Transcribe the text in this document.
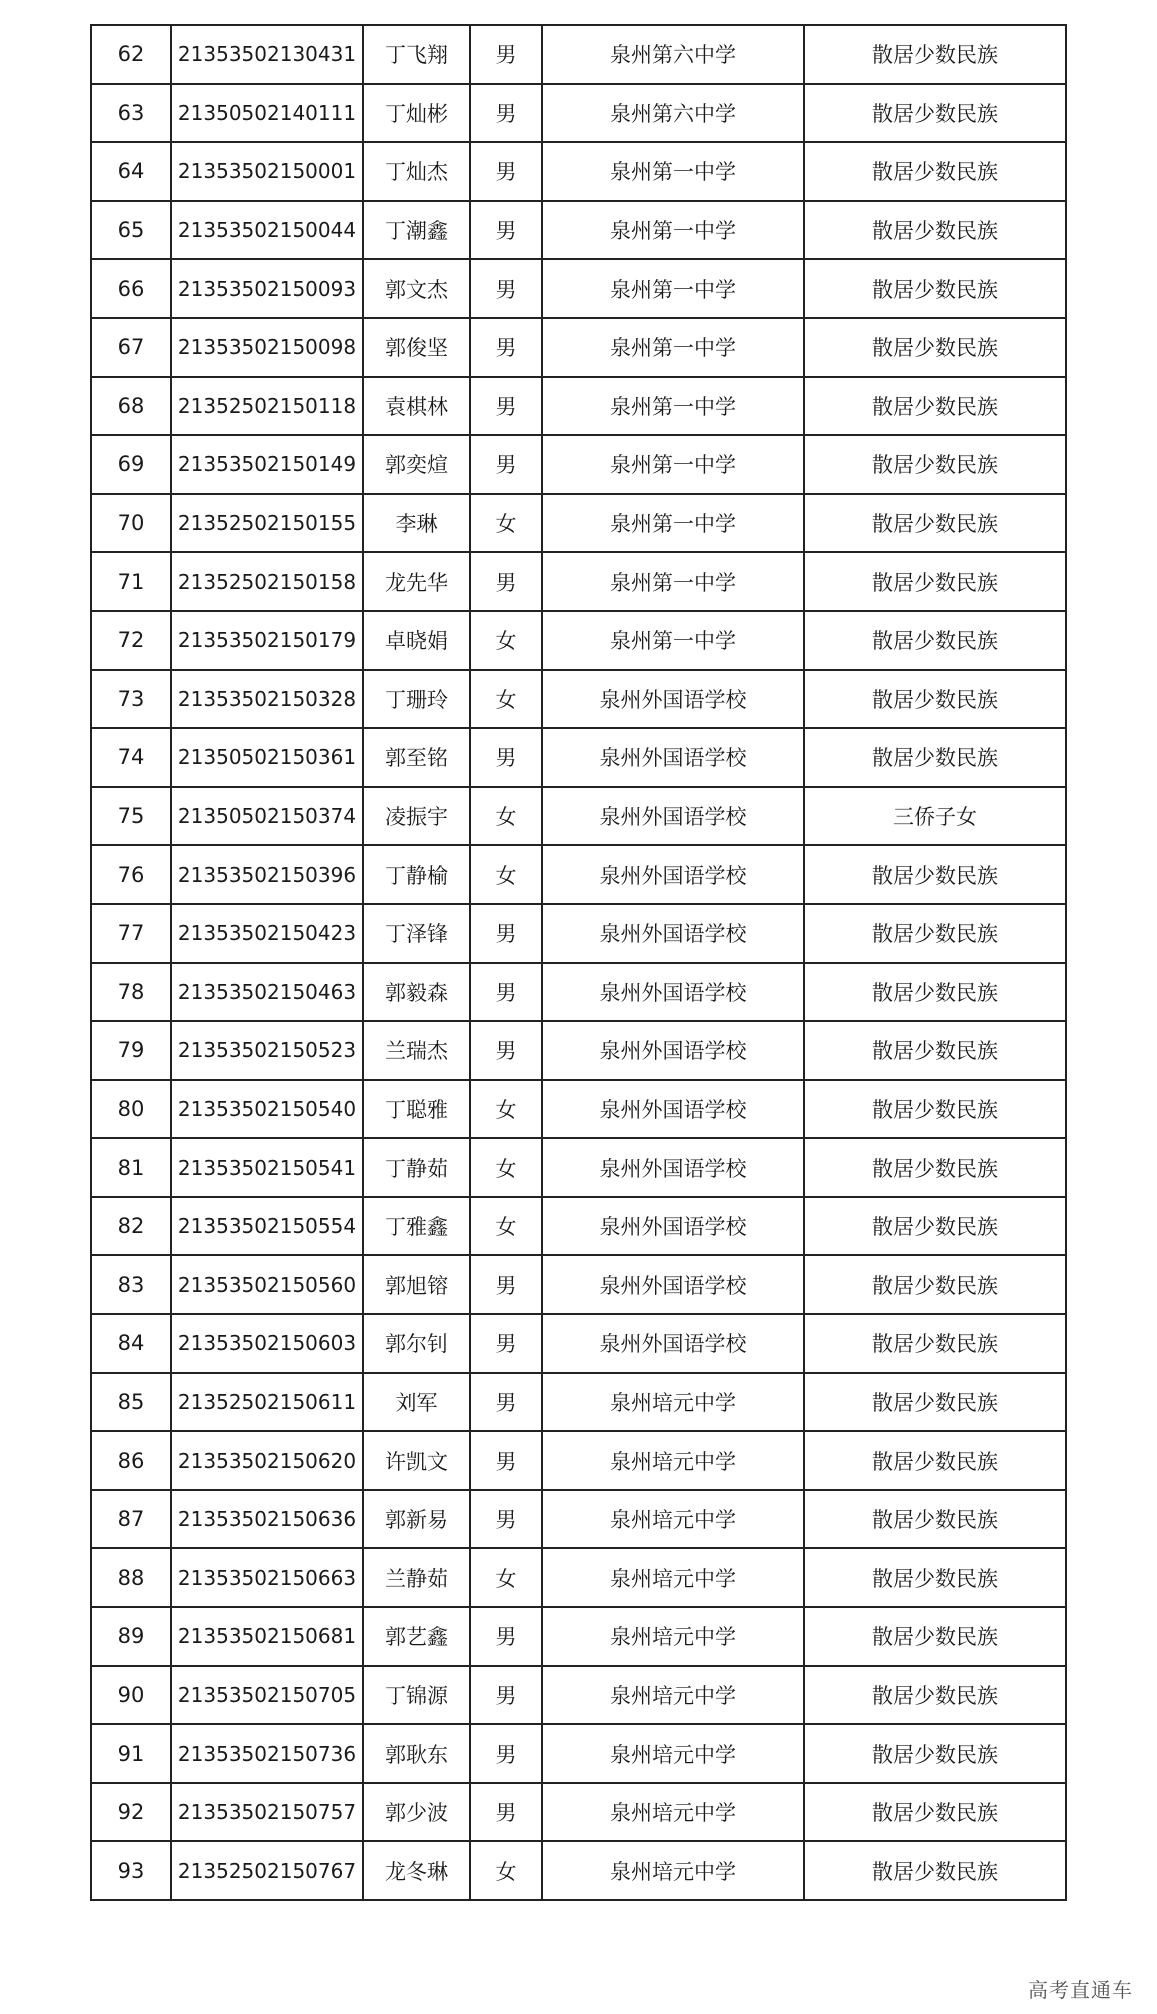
62	21353502130431	丁飞翔	男	泉州第六中学	散居少数民族
63	21350502140111	丁灿彬	男	泉州第六中学	散居少数民族
64	21353502150001	丁灿杰	男	泉州第一中学	散居少数民族
65	21353502150044	丁潮鑫	男	泉州第一中学	散居少数民族
66	21353502150093	郭文杰	男	泉州第一中学	散居少数民族
67	21353502150098	郭俊坚	男	泉州第一中学	散居少数民族
68	21352502150118	袁棋林	男	泉州第一中学	散居少数民族
69	21353502150149	郭奕煊	男	泉州第一中学	散居少数民族
70	21352502150155	李琳	女	泉州第一中学	散居少数民族
71	21352502150158	龙先华	男	泉州第一中学	散居少数民族
72	21353502150179	卓晓娟	女	泉州第一中学	散居少数民族
73	21353502150328	丁珊玲	女	泉州外国语学校	散居少数民族
74	21350502150361	郭至铭	男	泉州外国语学校	散居少数民族
75	21350502150374	凌振宇	女	泉州外国语学校	三侨子女
76	21353502150396	丁静榆	女	泉州外国语学校	散居少数民族
77	21353502150423	丁泽锋	男	泉州外国语学校	散居少数民族
78	21353502150463	郭毅森	男	泉州外国语学校	散居少数民族
79	21353502150523	兰瑞杰	男	泉州外国语学校	散居少数民族
80	21353502150540	丁聪雅	女	泉州外国语学校	散居少数民族
81	21353502150541	丁静茹	女	泉州外国语学校	散居少数民族
82	21353502150554	丁雅鑫	女	泉州外国语学校	散居少数民族
83	21353502150560	郭旭镕	男	泉州外国语学校	散居少数民族
84	21353502150603	郭尔钊	男	泉州外国语学校	散居少数民族
85	21352502150611	刘军	男	泉州培元中学	散居少数民族
86	21353502150620	许凯文	男	泉州培元中学	散居少数民族
87	21353502150636	郭新易	男	泉州培元中学	散居少数民族
88	21353502150663	兰静茹	女	泉州培元中学	散居少数民族
89	21353502150681	郭艺鑫	男	泉州培元中学	散居少数民族
90	21353502150705	丁锦源	男	泉州培元中学	散居少数民族
91	21353502150736	郭耿东	男	泉州培元中学	散居少数民族
92	21353502150757	郭少波	男	泉州培元中学	散居少数民族
93	21352502150767	龙冬琳	女	泉州培元中学	散居少数民族
高考直通车
